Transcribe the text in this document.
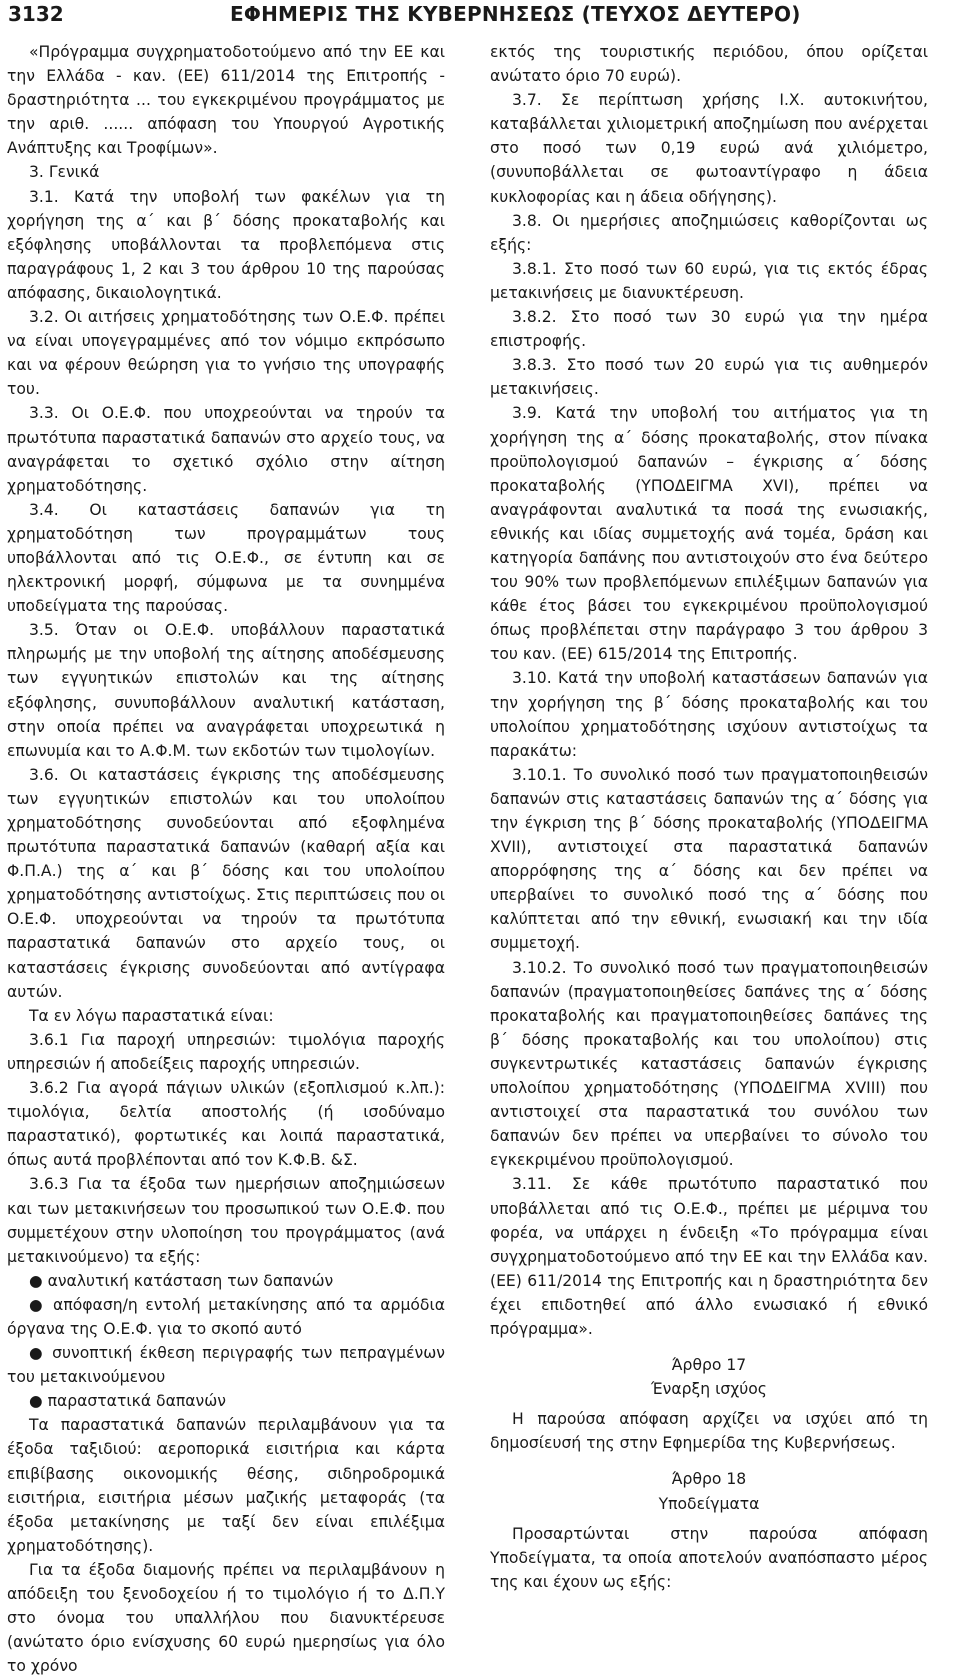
3132	ΕΦΗΜΕΡΙΣ ΤΗΣ ΚΥΒΕΡΝΗΣΕΩΣ (ΤΕΥΧΟΣ ΔΕΥΤΕΡΟ)

«Πρόγραμμα συγχρηματοδοτούμενο από την ΕΕ και την Ελλάδα - καν. (ΕΕ) 611/2014 της Επιτροπής - δραστηριότητα ... του εγκεκριμένου προγράμματος με την αριθ. ...... απόφαση του Υπουργού Αγροτικής Ανάπτυξης και Τροφίμων».

3. Γενικά

3.1. Κατά την υποβολή των φακέλων για τη χορήγηση της α΄ και β΄ δόσης προκαταβολής και εξόφλησης υποβάλλονται τα προβλεπόμενα στις παραγράφους 1, 2 και 3 του άρθρου 10 της παρούσας απόφασης, δικαιολογητικά.

3.2. Οι αιτήσεις χρηματοδότησης των Ο.Ε.Φ. πρέπει να είναι υπογεγραμμένες από τον νόμιμο εκπρόσωπο και να φέρουν θεώρηση για το γνήσιο της υπογραφής του.

3.3. Οι Ο.Ε.Φ. που υποχρεούνται να τηρούν τα πρωτότυπα παραστατικά δαπανών στο αρχείο τους, να αναγράφεται το σχετικό σχόλιο στην αίτηση χρηματοδότησης.

3.4. Οι καταστάσεις δαπανών για τη χρηματοδότηση των προγραμμάτων τους υποβάλλονται από τις Ο.Ε.Φ., σε έντυπη και σε ηλεκτρονική μορφή, σύμφωνα με τα συνημμένα υποδείγματα της παρούσας.

3.5. Όταν οι Ο.Ε.Φ. υποβάλλουν παραστατικά πληρωμής με την υποβολή της αίτησης αποδέσμευσης των εγγυητικών επιστολών και της αίτησης εξόφλησης, συνυποβάλλουν αναλυτική κατάσταση, στην οποία πρέπει να αναγράφεται υποχρεωτικά η επωνυμία και το Α.Φ.Μ. των εκδοτών των τιμολογίων.

3.6. Οι καταστάσεις έγκρισης της αποδέσμευσης των εγγυητικών επιστολών και του υπολοίπου χρηματοδότησης συνοδεύονται από εξοφλημένα πρωτότυπα παραστατικά δαπανών (καθαρή αξία και Φ.Π.Α.) της α΄ και β΄ δόσης και του υπολοίπου χρηματοδότησης αντιστοίχως. Στις περιπτώσεις που οι Ο.Ε.Φ. υποχρεούνται να τηρούν τα πρωτότυπα παραστατικά δαπανών στο αρχείο τους, οι καταστάσεις έγκρισης συνοδεύονται από αντίγραφα αυτών.

Τα εν λόγω παραστατικά είναι:

3.6.1 Για παροχή υπηρεσιών: τιμολόγια παροχής υπηρεσιών ή αποδείξεις παροχής υπηρεσιών.

3.6.2 Για αγορά πάγιων υλικών (εξοπλισμού κ.λπ.): τιμολόγια, δελτία αποστολής (ή ισοδύναμο παραστατικό), φορτωτικές και λοιπά παραστατικά, όπως αυτά προβλέπονται από τον Κ.Φ.Β. &Σ.

3.6.3 Για τα έξοδα των ημερήσιων αποζημιώσεων και των μετακινήσεων του προσωπικού των Ο.Ε.Φ. που συμμετέχουν στην υλοποίηση του προγράμματος (ανά μετακινούμενο) τα εξής:

● αναλυτική κατάσταση των δαπανών

● απόφαση/η εντολή μετακίνησης από τα αρμόδια όργανα της Ο.Ε.Φ. για το σκοπό αυτό

● συνοπτική έκθεση περιγραφής των πεπραγμένων του μετακινούμενου

● παραστατικά δαπανών

Τα παραστατικά δαπανών περιλαμβάνουν για τα έξοδα ταξιδιού: αεροπορικά εισιτήρια και κάρτα επιβίβασης οικονομικής θέσης, σιδηροδρομικά εισιτήρια, εισιτήρια μέσων μαζικής μεταφοράς (τα έξοδα μετακίνησης με ταξί δεν είναι επιλέξιμα χρηματοδότησης).

Για τα έξοδα διαμονής πρέπει να περιλαμβάνουν η απόδειξη του ξενοδοχείου ή το τιμολόγιο ή το Δ.Π.Υ στο όνομα του υπαλλήλου που διανυκτέρευσε (ανώτατο όριο ενίσχυσης 60 ευρώ ημερησίως για όλο το χρόνο

εκτός της τουριστικής περιόδου, όπου ορίζεται ανώτατο όριο 70 ευρώ).

3.7. Σε περίπτωση χρήσης Ι.Χ. αυτοκινήτου, καταβάλλεται χιλιομετρική αποζημίωση που ανέρχεται στο ποσό των 0,19 ευρώ ανά χιλιόμετρο, (συνυποβάλλεται σε φωτοαντίγραφο η άδεια κυκλοφορίας και η άδεια οδήγησης).

3.8. Οι ημερήσιες αποζημιώσεις καθορίζονται ως εξής:

3.8.1. Στο ποσό των 60 ευρώ, για τις εκτός έδρας μετακινήσεις με διανυκτέρευση.

3.8.2. Στο ποσό των 30 ευρώ για την ημέρα επιστροφής.

3.8.3. Στο ποσό των 20 ευρώ για τις αυθημερόν μετακινήσεις.

3.9. Κατά την υποβολή του αιτήματος για τη χορήγηση της α΄ δόσης προκαταβολής, στον πίνακα προϋπολογισμού δαπανών – έγκρισης α΄ δόσης προκαταβολής (ΥΠΟΔΕΙΓΜΑ XVI), πρέπει να αναγράφονται αναλυτικά τα ποσά της ενωσιακής, εθνικής και ιδίας συμμετοχής ανά τομέα, δράση και κατηγορία δαπάνης που αντιστοιχούν στο ένα δεύτερο του 90% των προβλεπόμενων επιλέξιμων δαπανών για κάθε έτος βάσει του εγκεκριμένου προϋπολογισμού όπως προβλέπεται στην παράγραφο 3 του άρθρου 3 του καν. (ΕΕ) 615/2014 της Επιτροπής.

3.10. Κατά την υποβολή καταστάσεων δαπανών για την χορήγηση της β΄ δόσης προκαταβολής και του υπολοίπου χρηματοδότησης ισχύουν αντιστοίχως τα παρακάτω:

3.10.1. Το συνολικό ποσό των πραγματοποιηθεισών δαπανών στις καταστάσεις δαπανών της α΄ δόσης για την έγκριση της β΄ δόσης προκαταβολής (ΥΠΟΔΕΙΓΜΑ XVII), αντιστοιχεί στα παραστατικά δαπανών απορρόφησης της α΄ δόσης και δεν πρέπει να υπερβαίνει το συνολικό ποσό της α΄ δόσης που καλύπτεται από την εθνική, ενωσιακή και την ιδία συμμετοχή.

3.10.2. Το συνολικό ποσό των πραγματοποιηθεισών δαπανών (πραγματοποιηθείσες δαπάνες της α΄ δόσης προκαταβολής και πραγματοποιηθείσες δαπάνες της β΄ δόσης προκαταβολής και του υπολοίπου) στις συγκεντρωτικές καταστάσεις δαπανών έγκρισης υπολοίπου χρηματοδότησης (ΥΠΟΔΕΙΓΜΑ XVIII) που αντιστοιχεί στα παραστατικά του συνόλου των δαπανών δεν πρέπει να υπερβαίνει το σύνολο του εγκεκριμένου προϋπολογισμού.

3.11. Σε κάθε πρωτότυπο παραστατικό που υποβάλλεται από τις Ο.Ε.Φ., πρέπει με μέριμνα του φορέα, να υπάρχει η ένδειξη «Το πρόγραμμα είναι συγχρηματοδοτούμενο από την ΕΕ και την Ελλάδα καν. (ΕΕ) 611/2014 της Επιτροπής και η δραστηριότητα δεν έχει επιδοτηθεί από άλλο ενωσιακό ή εθνικό πρόγραμμα».

Άρθρο 17

Έναρξη ισχύος

Η παρούσα απόφαση αρχίζει να ισχύει από τη δημοσίευσή της στην Εφημερίδα της Κυβερνήσεως.

Άρθρο 18

Υποδείγματα

Προσαρτώνται στην παρούσα απόφαση Υποδείγματα, τα οποία αποτελούν αναπόσπαστο μέρος της και έχουν ως εξής:
